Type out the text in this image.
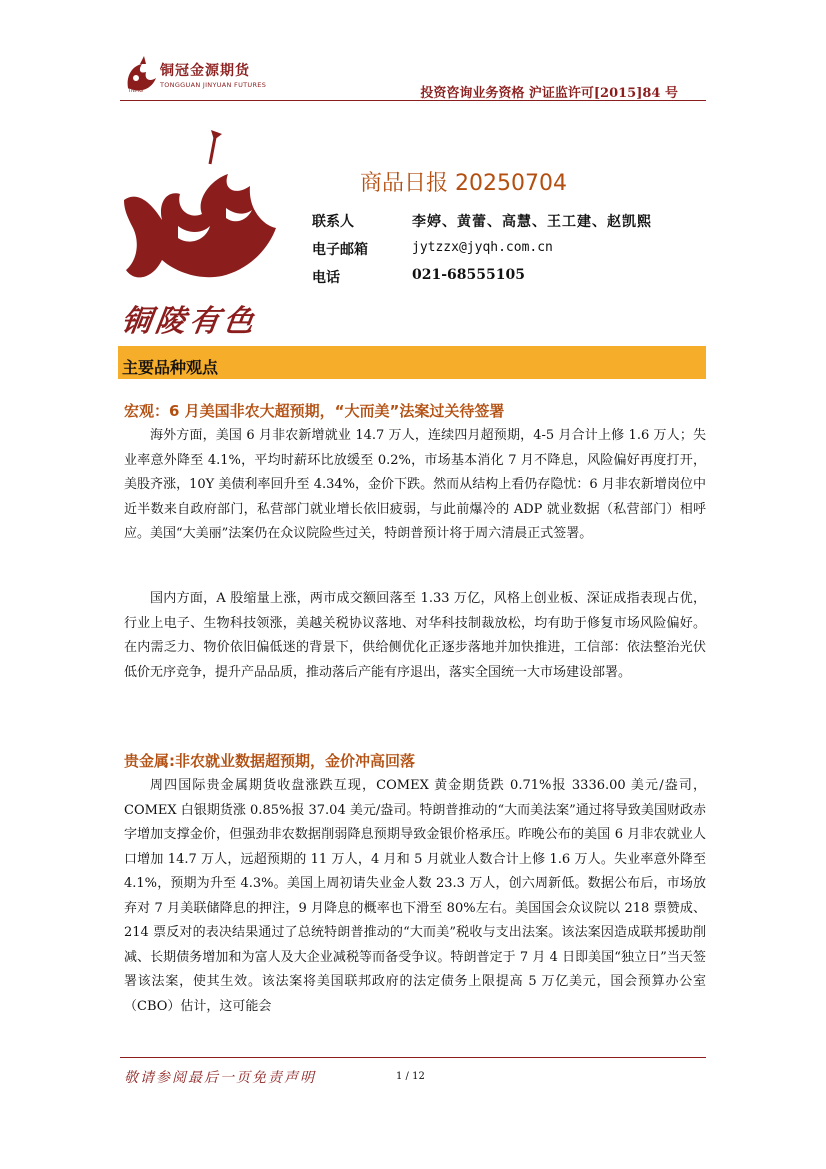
铜冠金源期货
TONGGUAN JINYUAN FUTURES
TNMG	投资咨询业务资格 沪证监许可[2015]84 号
铜陵有色
商品日报 20250704
联系人	李婷、黄蕾、高慧、王工建、赵凯熙
电子邮箱	jytzzx@jyqh.com.cn
电话	021-68555105
主要品种观点
宏观：6 月美国非农大超预期，“大而美”法案过关待签署
海外方面，美国 6 月非农新增就业 14.7 万人，连续四月超预期，4-5 月合计上修 1.6 万人；失业率意外降至 4.1%，平均时薪环比放缓至 0.2%，市场基本消化 7 月不降息，风险偏好再度打开，美股齐涨，10Y 美债利率回升至 4.34%，金价下跌。然而从结构上看仍存隐忧：6 月非农新增岗位中近半数来自政府部门，私营部门就业增长依旧疲弱，与此前爆冷的 ADP 就业数据（私营部门）相呼应。美国“大美丽”法案仍在众议院险些过关，特朗普预计将于周六清晨正式签署。
国内方面，A 股缩量上涨，两市成交额回落至 1.33 万亿，风格上创业板、深证成指表现占优，行业上电子、生物科技领涨，美越关税协议落地、对华科技制裁放松，均有助于修复市场风险偏好。在内需乏力、物价依旧偏低迷的背景下，供给侧优化正逐步落地并加快推进，工信部：依法整治光伏低价无序竞争，提升产品品质，推动落后产能有序退出，落实全国统一大市场建设部署。
贵金属:非农就业数据超预期，金价冲高回落
周四国际贵金属期货收盘涨跌互现，COMEX 黄金期货跌 0.71%报 3336.00 美元/盎司，COMEX 白银期货涨 0.85%报 37.04 美元/盎司。特朗普推动的“大而美法案”通过将导致美国财政赤字增加支撑金价，但强劲非农数据削弱降息预期导致金银价格承压。昨晚公布的美国 6 月非农就业人口增加 14.7 万人，远超预期的 11 万人，4 月和 5 月就业人数合计上修 1.6 万人。失业率意外降至 4.1%，预期为升至 4.3%。美国上周初请失业金人数 23.3 万人，创六周新低。数据公布后，市场放弃对 7 月美联储降息的押注，9 月降息的概率也下滑至 80%左右。美国国会众议院以 218 票赞成、214 票反对的表决结果通过了总统特朗普推动的“大而美”税收与支出法案。该法案因造成联邦援助削减、长期债务增加和为富人及大企业减税等而备受争议。特朗普定于 7 月 4 日即美国“独立日”当天签署该法案，使其生效。该法案将美国联邦政府的法定债务上限提高 5 万亿美元，国会预算办公室（CBO）估计，这可能会
敬请参阅最后一页免责声明	1 / 12
